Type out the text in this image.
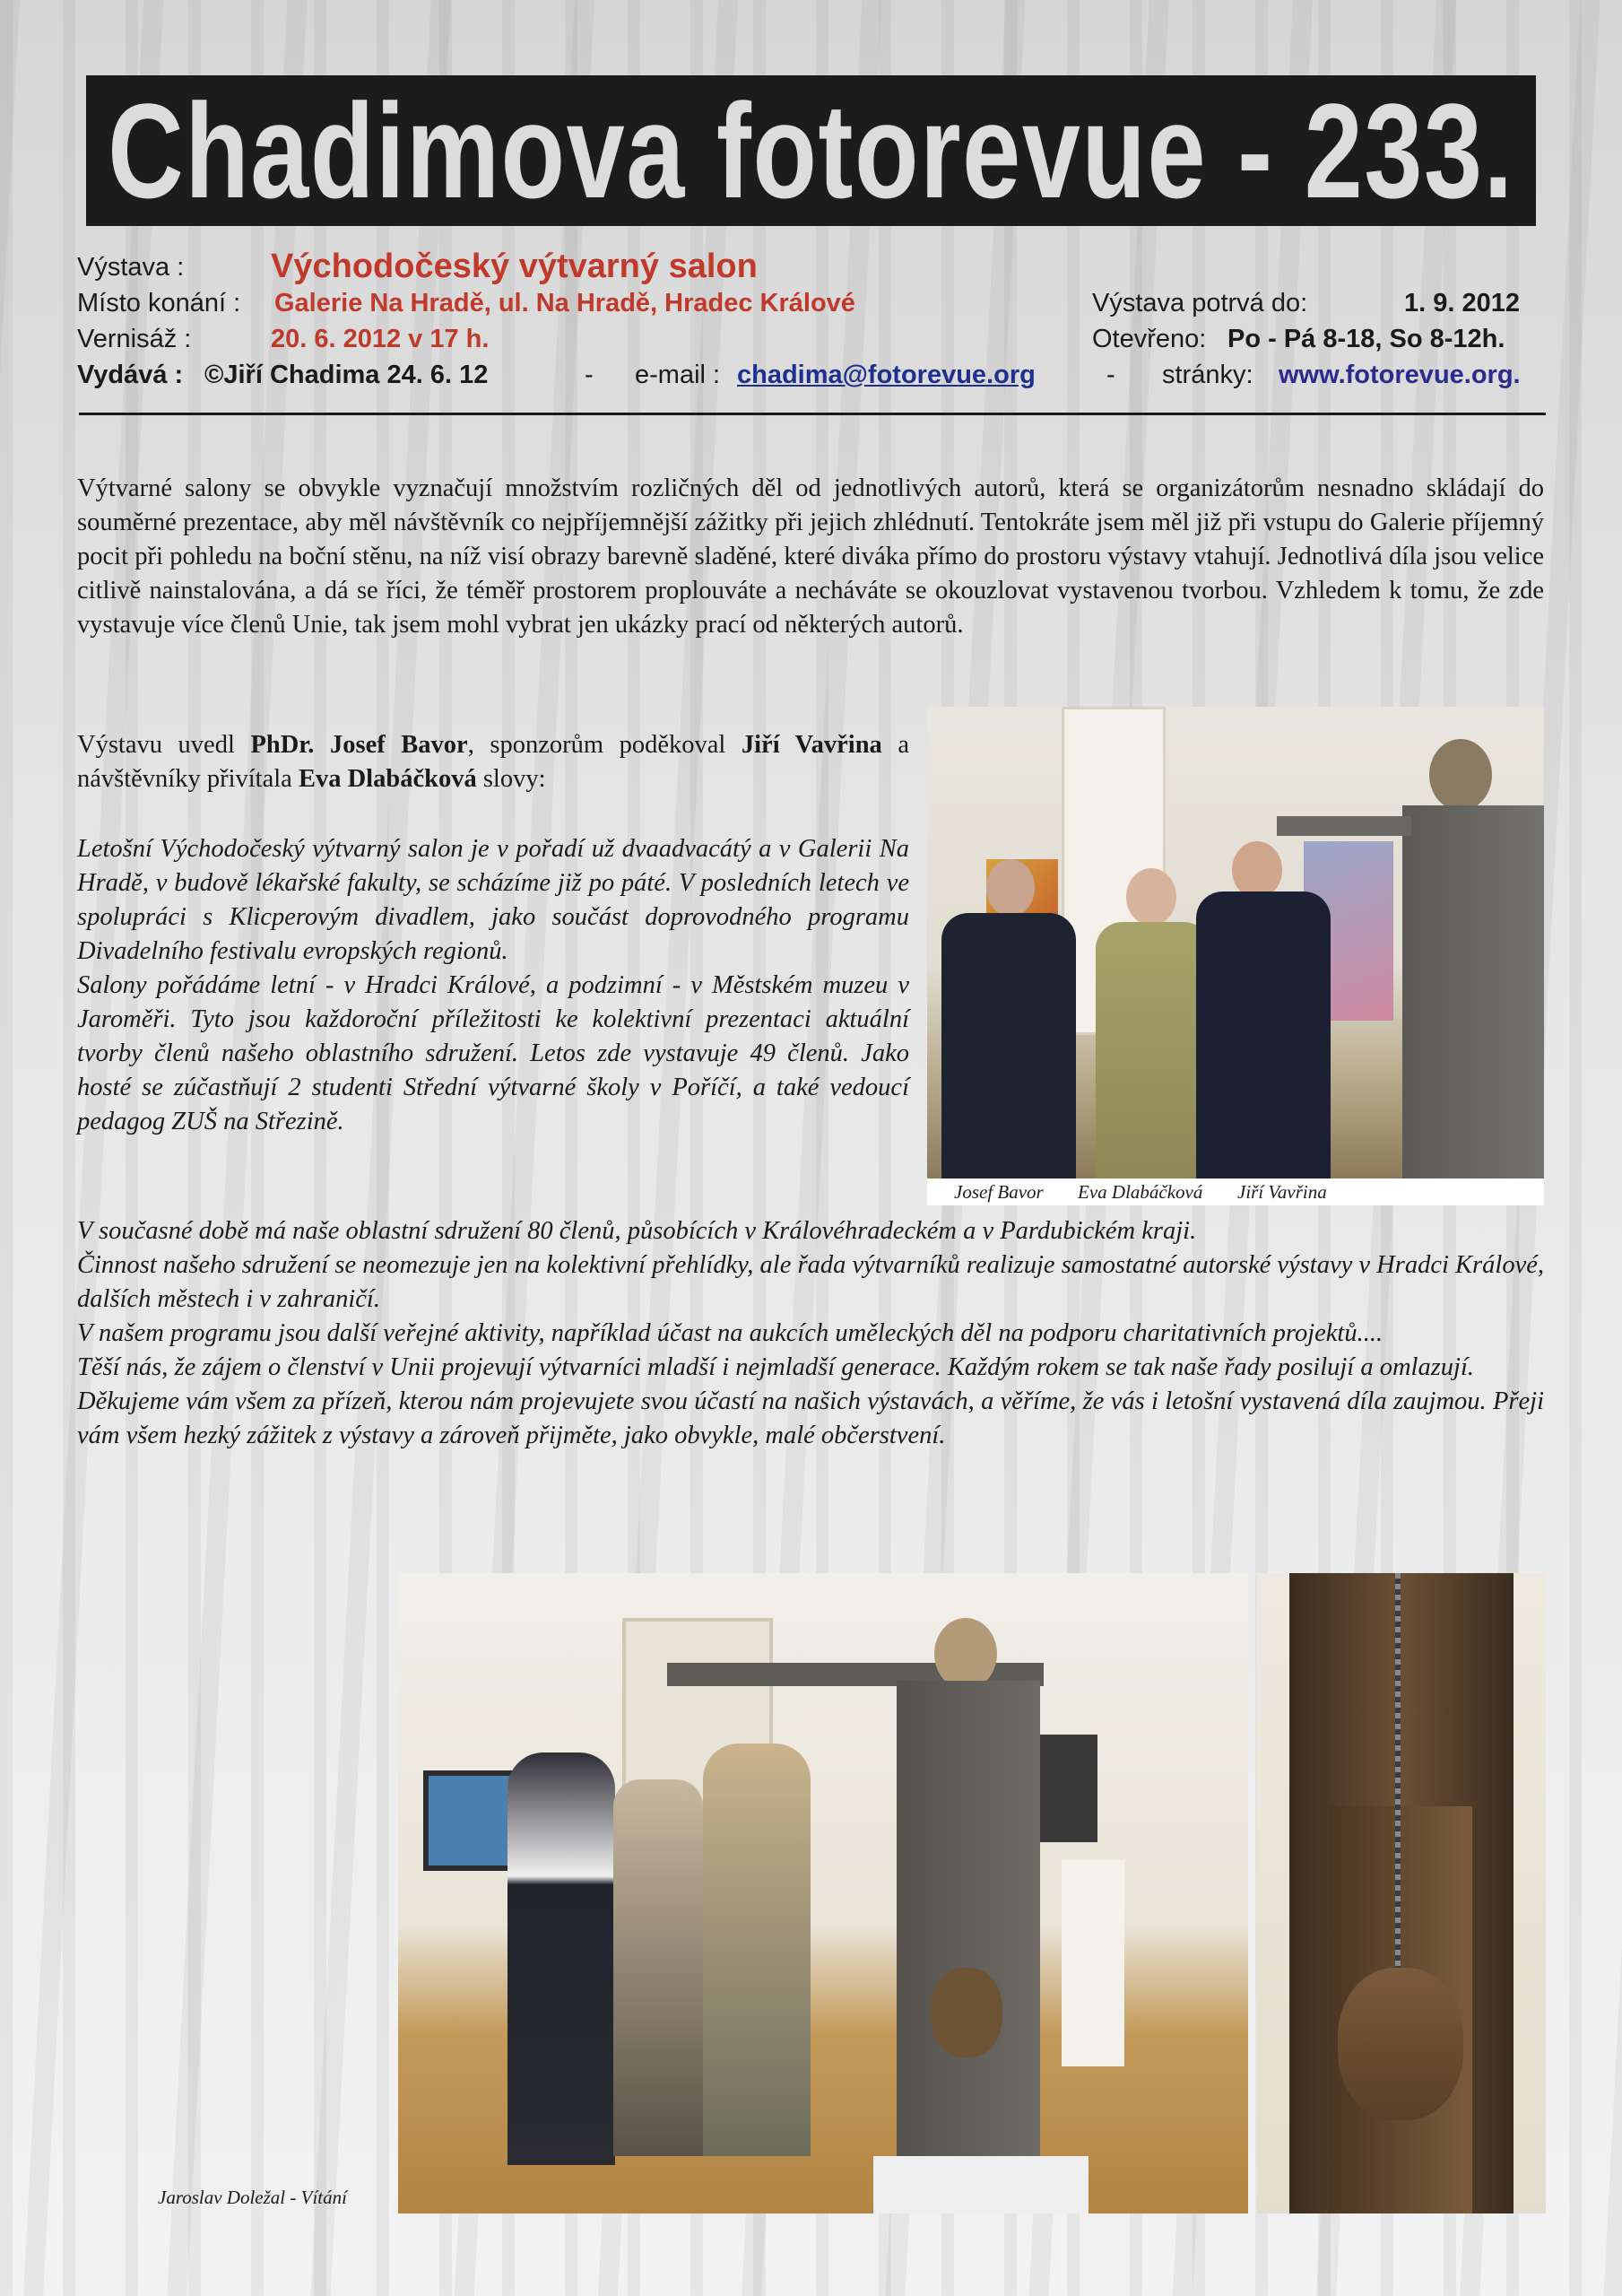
Chadimova fotorevue - 233.
Výstava :	Východočeský výtvarný salon
Místo konání : Galerie Na Hradě, ul. Na Hradě, Hradec Králové	Výstava potrvá do:	1. 9. 2012
Vernisáž :	20. 6. 2012 v 17 h.	Otevřeno: Po - Pá 8-18, So 8-12h.
Vydává : ©Jiří Chadima 24. 6. 12	- e-mail : chadima@fotorevue.org	- stránky: www.fotorevue.org.
Výtvarné salony se obvykle vyznačují množstvím rozličných děl od jednotlivých autorů, která se organizátorům nesnadno skládají do souměrné prezentace, aby měl návštěvník co nejpříjemnější zážitky při jejich zhlédnutí. Tentokráte jsem měl již při vstupu do Galerie příjemný pocit při pohledu na boční stěnu, na níž visí obrazy barevně sladěné, které diváka přímo do prostoru výstavy vtahují. Jednotlivá díla jsou velice citlivě nainstalována, a dá se říci, že téměř prostorem proplouváte a necháváte se okouzlovat vystavenou tvorbou. Vzhledem k tomu, že zde vystavuje více členů Unie, tak jsem mohl vybrat jen ukázky prací od některých autorů.
Výstavu uvedl PhDr. Josef Bavor, sponzorům poděkoval Jiří Vavřina a návštěvníky přivítala Eva Dlabáčková slovy:
Letošní Východočeský výtvarný salon je v pořadí už dvaadvacátý a v Galerii Na Hradě, v budově lékařské fakulty, se scházíme již po páté. V posledních letech ve spolupráci s Klicperovým divadlem, jako součást doprovodného programu Divadelního festivalu evropských regionů.
Salony pořádáme letní - v Hradci Králové, a podzimní - v Městském muzeu v Jaroměři. Tyto jsou každoroční příležitosti ke kolektivní prezentaci aktuální tvorby členů našeho oblastního sdružení. Letos zde vystavuje 49 členů. Jako hosté se zúčastňují 2 studenti Střední výtvarné školy v Poříčí, a také vedoucí pedagog ZUŠ na Střezině.
V současné době má naše oblastní sdružení 80 členů, působících v Královéhradeckém a v Pardubickém kraji.
Činnost našeho sdružení se neomezuje jen na kolektivní přehlídky, ale řada výtvarníků realizuje samostatné autorské výstavy v Hradci Králové, dalších městech i v zahraničí.
V našem programu jsou další veřejné aktivity, například účast na aukcích uměleckých děl na podporu charitativních projektů....
Těší nás, že zájem o členství v Unii projevují výtvarníci mladší i nejmladší generace. Každým rokem se tak naše řady posilují a omlazují.
Děkujeme vám všem za přízeň, kterou nám projevujete svou účastí na našich výstavách, a věříme, že vás i letošní vystavená díla zaujmou. Přeji vám všem hezký zážitek z výstavy a zároveň přijměte, jako obvykle, malé občerstvení.
Josef Bavor Eva Dlabáčková Jiří Vavřina
Jaroslav Doležal - Vítání
